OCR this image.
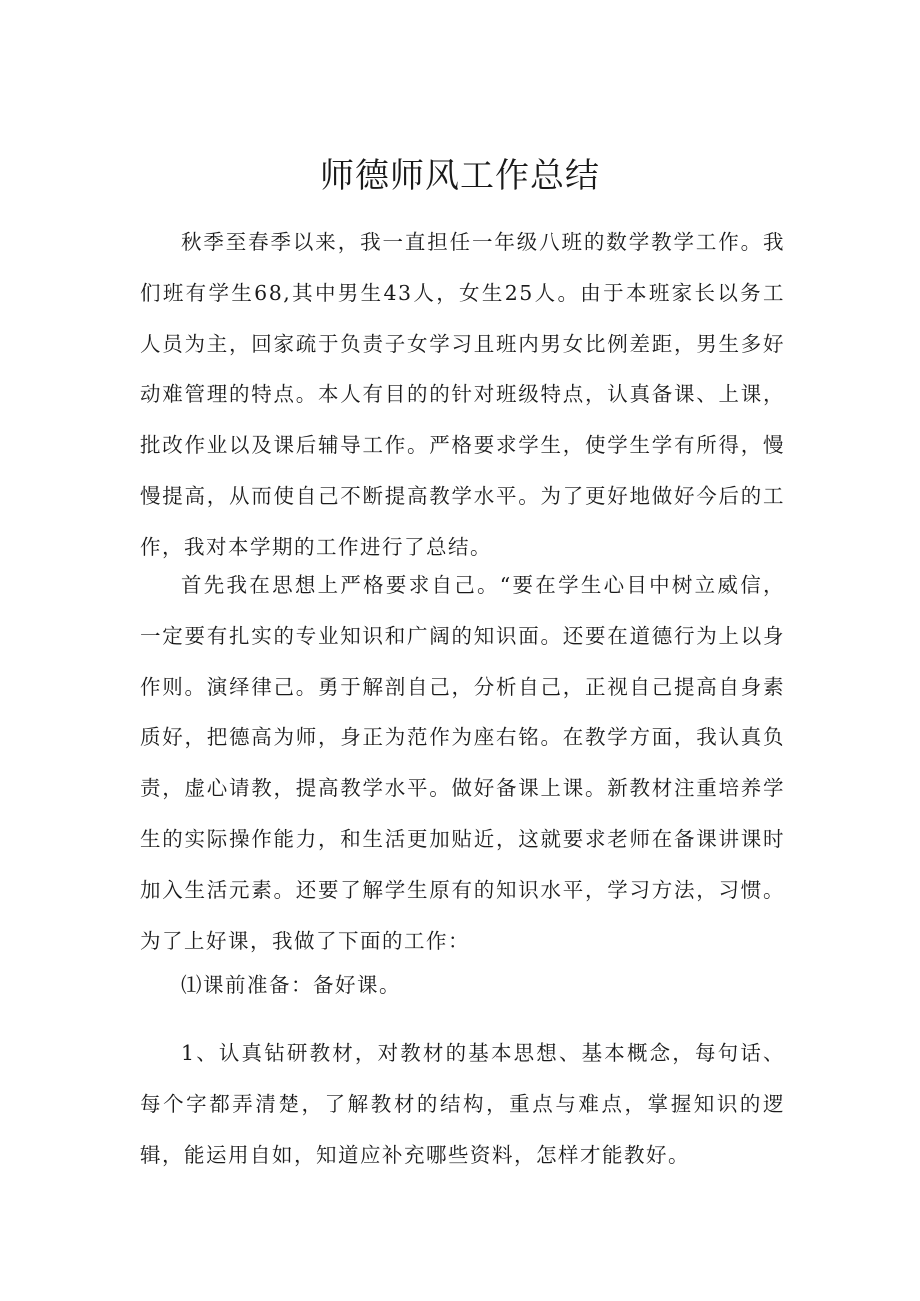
师德师风工作总结

秋季至春季以来，我一直担任一年级八班的数学教学工作。我们班有学生68,其中男生43人，女生25人。由于本班家长以务工人员为主，回家疏于负责子女学习且班内男女比例差距，男生多好动难管理的特点。本人有目的的针对班级特点，认真备课、上课，批改作业以及课后辅导工作。严格要求学生，使学生学有所得，慢慢提高，从而使自己不断提高教学水平。为了更好地做好今后的工作，我对本学期的工作进行了总结。

首先我在思想上严格要求自己。“要在学生心目中树立威信，一定要有扎实的专业知识和广阔的知识面。还要在道德行为上以身作则。演绎律己。勇于解剖自己，分析自己，正视自己提高自身素质好，把德高为师，身正为范作为座右铭。在教学方面，我认真负责，虚心请教，提高教学水平。做好备课上课。新教材注重培养学生的实际操作能力，和生活更加贴近，这就要求老师在备课讲课时加入生活元素。还要了解学生原有的知识水平，学习方法，习惯。为了上好课，我做了下面的工作：

⑴课前准备：备好课。

1、认真钻研教材，对教材的基本思想、基本概念，每句话、每个字都弄清楚，了解教材的结构，重点与难点，掌握知识的逻辑，能运用自如，知道应补充哪些资料，怎样才能教好。
